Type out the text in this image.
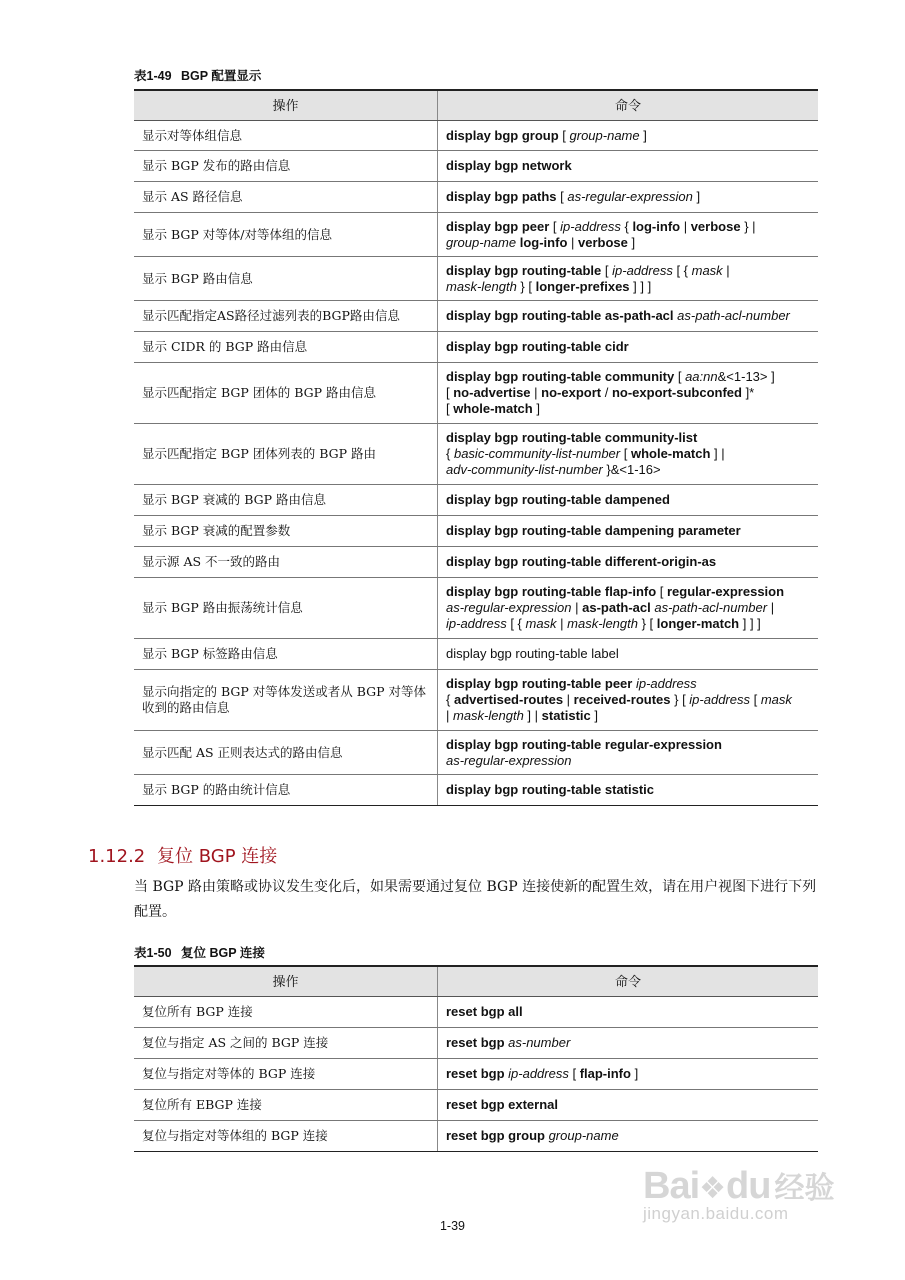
表1-49 BGP 配置显示
操作	命令
显示对等体组信息	display bgp group [ group-name ]

显示 BGP 发布的路由信息	display bgp network

显示 AS 路径信息	display bgp paths [ as-regular-expression ]

显示 BGP 对等体/对等体组的信息	display bgp peer [ ip-address { log-info | verbose } |
group-name log-info | verbose ]

显示 BGP 路由信息	display bgp routing-table [ ip-address [ { mask |
mask-length } [ longer-prefixes ] ] ]

显示匹配指定AS路径过滤列表的BGP路由信息	display bgp routing-table as-path-acl as-path-acl-number

显示 CIDR 的 BGP 路由信息	display bgp routing-table cidr

显示匹配指定 BGP 团体的 BGP 路由信息	display bgp routing-table community [ aa:nn&<1-13> ]
[ no-advertise | no-export / no-export-subconfed ]*
[ whole-match ]

显示匹配指定 BGP 团体列表的 BGP 路由	display bgp routing-table community-list
{ basic-community-list-number [ whole-match ] |
adv-community-list-number }&<1-16>

显示 BGP 衰减的 BGP 路由信息	display bgp routing-table dampened

显示 BGP 衰减的配置参数	display bgp routing-table dampening parameter

显示源 AS 不一致的路由	display bgp routing-table different-origin-as

显示 BGP 路由振荡统计信息	display bgp routing-table flap-info [ regular-expression
as-regular-expression | as-path-acl as-path-acl-number |
ip-address [ { mask | mask-length } [ longer-match ] ] ]

显示 BGP 标签路由信息	display bgp routing-table label

显示向指定的 BGP 对等体发送或者从 BGP 对等体收到的路由信息	display bgp routing-table peer ip-address
{ advertised-routes | received-routes } [ ip-address [ mask
| mask-length ] | statistic ]

显示匹配 AS 正则表达式的路由信息	display bgp routing-table regular-expression
as-regular-expression

显示 BGP 的路由统计信息	display bgp routing-table statistic
1.12.2 复位 BGP 连接
当 BGP 路由策略或协议发生变化后，如果需要通过复位 BGP 连接使新的配置生效，请在用户视图下进行下列配置。
表1-50 复位 BGP 连接
操作	命令
复位所有 BGP 连接	reset bgp all

复位与指定 AS 之间的 BGP 连接	reset bgp as-number

复位与指定对等体的 BGP 连接	reset bgp ip-address [ flap-info ]

复位所有 EBGP 连接	reset bgp external

复位与指定对等体组的 BGP 连接	reset bgp group group-name
1-39
Bai❖du 经验
jingyan.baidu.com
